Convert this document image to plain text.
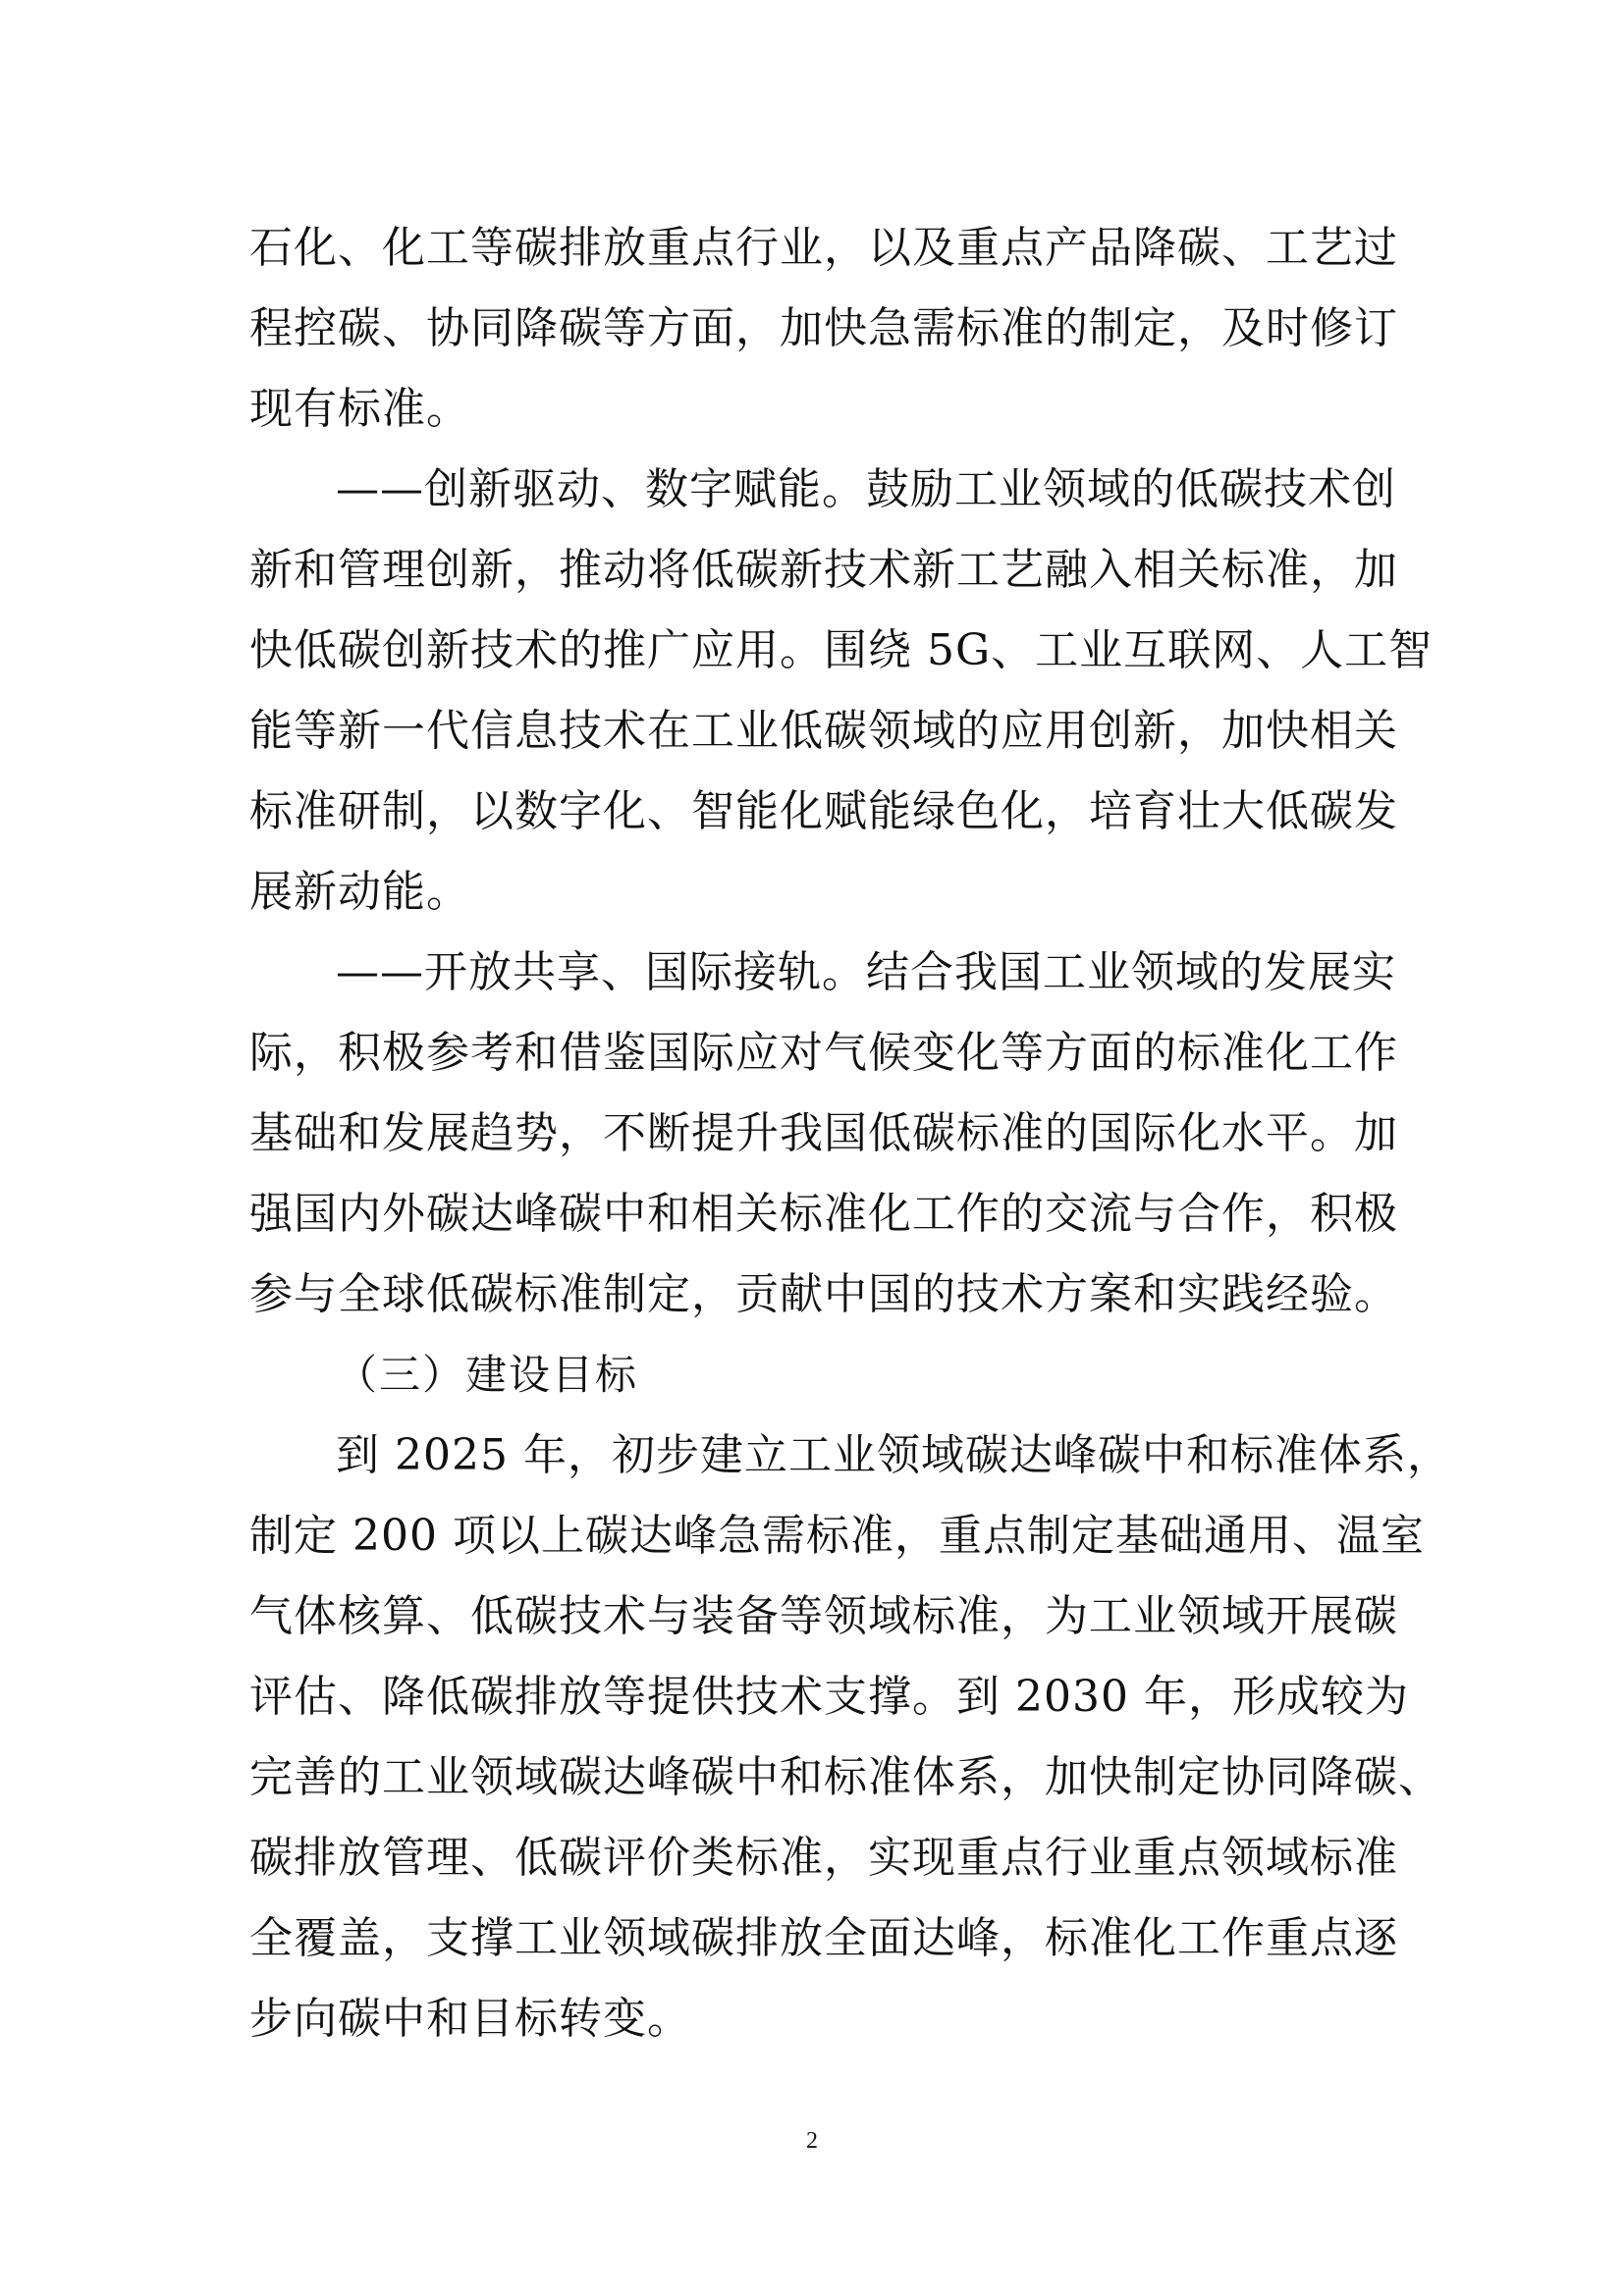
石化、化工等碳排放重点行业，以及重点产品降碳、工艺过
程控碳、协同降碳等方面，加快急需标准的制定，及时修订
现有标准。
——创新驱动、数字赋能。鼓励工业领域的低碳技术创
新和管理创新，推动将低碳新技术新工艺融入相关标准，加
快低碳创新技术的推广应用。围绕 5G、工业互联网、人工智
能等新一代信息技术在工业低碳领域的应用创新，加快相关
标准研制，以数字化、智能化赋能绿色化，培育壮大低碳发
展新动能。
——开放共享、国际接轨。结合我国工业领域的发展实
际，积极参考和借鉴国际应对气候变化等方面的标准化工作
基础和发展趋势，不断提升我国低碳标准的国际化水平。加
强国内外碳达峰碳中和相关标准化工作的交流与合作，积极
参与全球低碳标准制定，贡献中国的技术方案和实践经验。
（三）建设目标
到 2025 年，初步建立工业领域碳达峰碳中和标准体系，
制定 200 项以上碳达峰急需标准，重点制定基础通用、温室
气体核算、低碳技术与装备等领域标准，为工业领域开展碳
评估、降低碳排放等提供技术支撑。到 2030 年，形成较为
完善的工业领域碳达峰碳中和标准体系，加快制定协同降碳、
碳排放管理、低碳评价类标准，实现重点行业重点领域标准
全覆盖，支撑工业领域碳排放全面达峰，标准化工作重点逐
步向碳中和目标转变。
2
